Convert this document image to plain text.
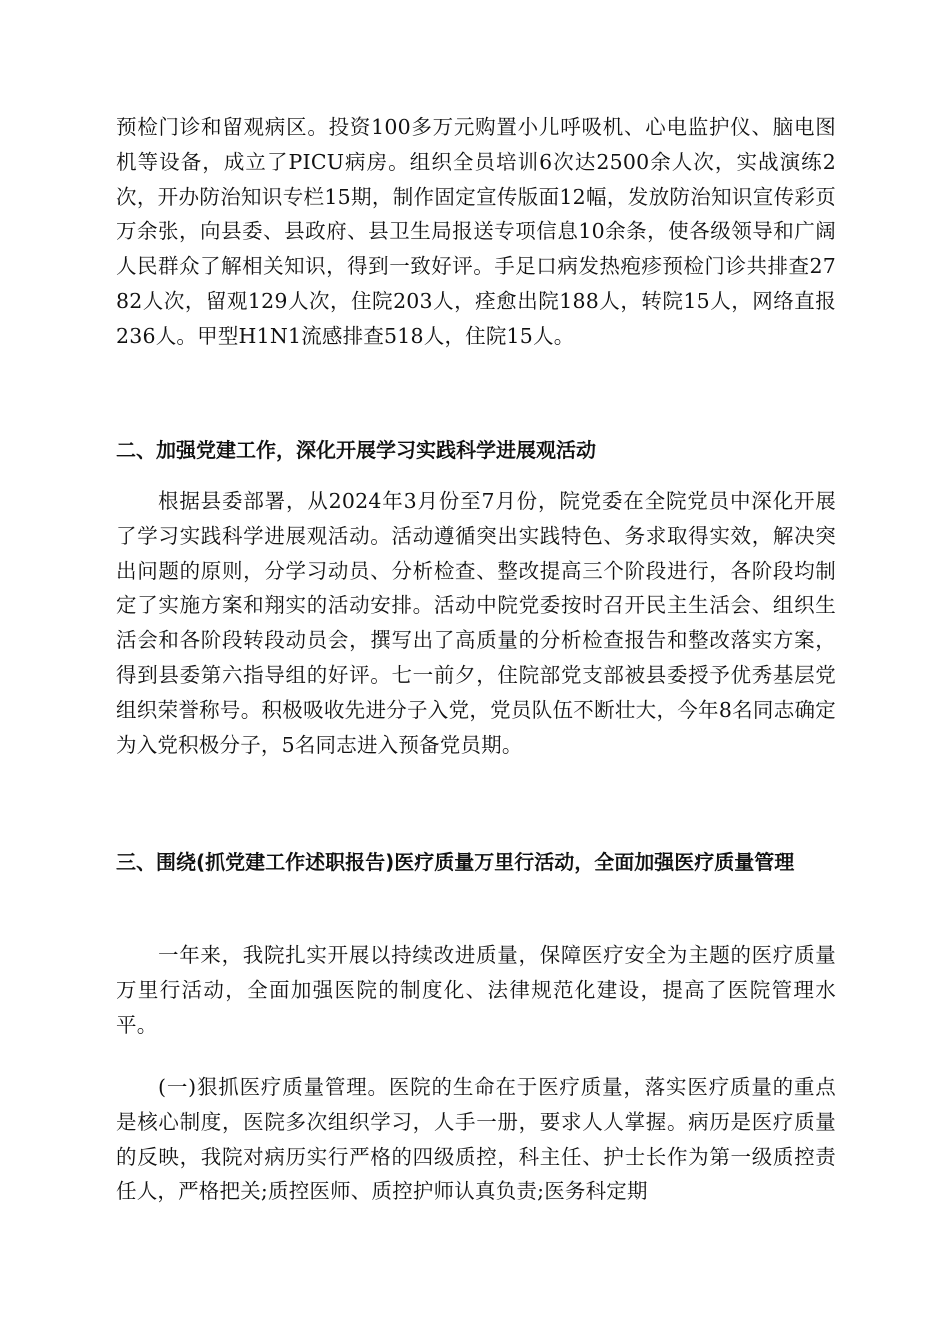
预检门诊和留观病区。投资100多万元购置小儿呼吸机、心电监护仪、脑电图机等设备，成立了PICU病房。组织全员培训6次达2500余人次，实战演练2次，开办防治知识专栏15期，制作固定宣传版面12幅，发放防治知识宣传彩页万余张，向县委、县政府、县卫生局报送专项信息10余条，使各级领导和广阔人民群众了解相关知识，得到一致好评。手足口病发热疱疹预检门诊共排查2782人次，留观129人次，住院203人，痊愈出院188人，转院15人，网络直报236人。甲型H1N1流感排查518人，住院15人。

二、加强党建工作，深化开展学习实践科学进展观活动

根据县委部署，从2024年3月份至7月份，院党委在全院党员中深化开展了学习实践科学进展观活动。活动遵循突出实践特色、务求取得实效，解决突出问题的原则，分学习动员、分析检查、整改提高三个阶段进行，各阶段均制定了实施方案和翔实的活动安排。活动中院党委按时召开民主生活会、组织生活会和各阶段转段动员会，撰写出了高质量的分析检查报告和整改落实方案，得到县委第六指导组的好评。七一前夕，住院部党支部被县委授予优秀基层党组织荣誉称号。积极吸收先进分子入党，党员队伍不断壮大，今年8名同志确定为入党积极分子，5名同志进入预备党员期。

三、围绕(抓党建工作述职报告)医疗质量万里行活动，全面加强医疗质量管理

一年来，我院扎实开展以持续改进质量，保障医疗安全为主题的医疗质量万里行活动，全面加强医院的制度化、法律规范化建设，提高了医院管理水平。

(一)狠抓医疗质量管理。医院的生命在于医疗质量，落实医疗质量的重点是核心制度，医院多次组织学习，人手一册，要求人人掌握。病历是医疗质量的反映，我院对病历实行严格的四级质控，科主任、护士长作为第一级质控责任人，严格把关;质控医师、质控护师认真负责;医务科定期
